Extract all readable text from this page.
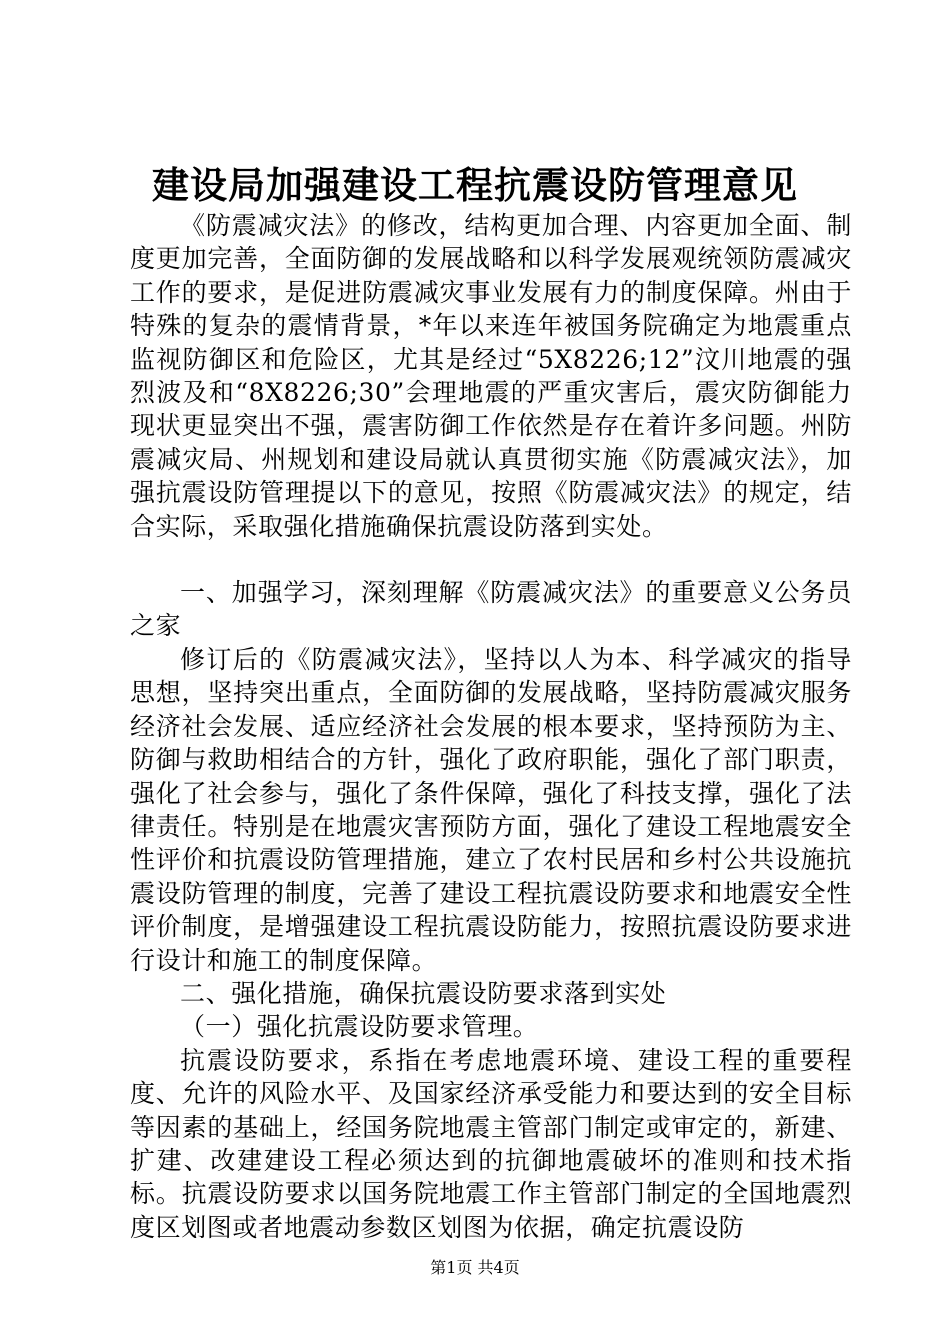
建设局加强建设工程抗震设防管理意见

《防震减灾法》的修改，结构更加合理、内容更加全面、制度更加完善，全面防御的发展战略和以科学发展观统领防震减灾工作的要求，是促进防震减灾事业发展有力的制度保障。州由于特殊的复杂的震情背景，*年以来连年被国务院确定为地震重点监视防御区和危险区，尤其是经过“5X8226;12”汶川地震的强烈波及和“8X8226;30”会理地震的严重灾害后，震灾防御能力现状更显突出不强，震害防御工作依然是存在着许多问题。州防震减灾局、州规划和建设局就认真贯彻实施《防震减灾法》，加强抗震设防管理提以下的意见，按照《防震减灾法》的规定，结合实际，采取强化措施确保抗震设防落到实处。

一、加强学习，深刻理解《防震减灾法》的重要意义公务员之家

修订后的《防震减灾法》，坚持以人为本、科学减灾的指导思想，坚持突出重点，全面防御的发展战略，坚持防震减灾服务经济社会发展、适应经济社会发展的根本要求，坚持预防为主、防御与救助相结合的方针，强化了政府职能，强化了部门职责，强化了社会参与，强化了条件保障，强化了科技支撑，强化了法律责任。特别是在地震灾害预防方面，强化了建设工程地震安全性评价和抗震设防管理措施，建立了农村民居和乡村公共设施抗震设防管理的制度，完善了建设工程抗震设防要求和地震安全性评价制度，是增强建设工程抗震设防能力，按照抗震设防要求进行设计和施工的制度保障。

二、强化措施，确保抗震设防要求落到实处

（一）强化抗震设防要求管理。

抗震设防要求，系指在考虑地震环境、建设工程的重要程度、允许的风险水平、及国家经济承受能力和要达到的安全目标等因素的基础上，经国务院地震主管部门制定或审定的，新建、扩建、改建建设工程必须达到的抗御地震破坏的准则和技术指标。抗震设防要求以国务院地震工作主管部门制定的全国地震烈度区划图或者地震动参数区划图为依据，确定抗震设防

第1页 共4页
